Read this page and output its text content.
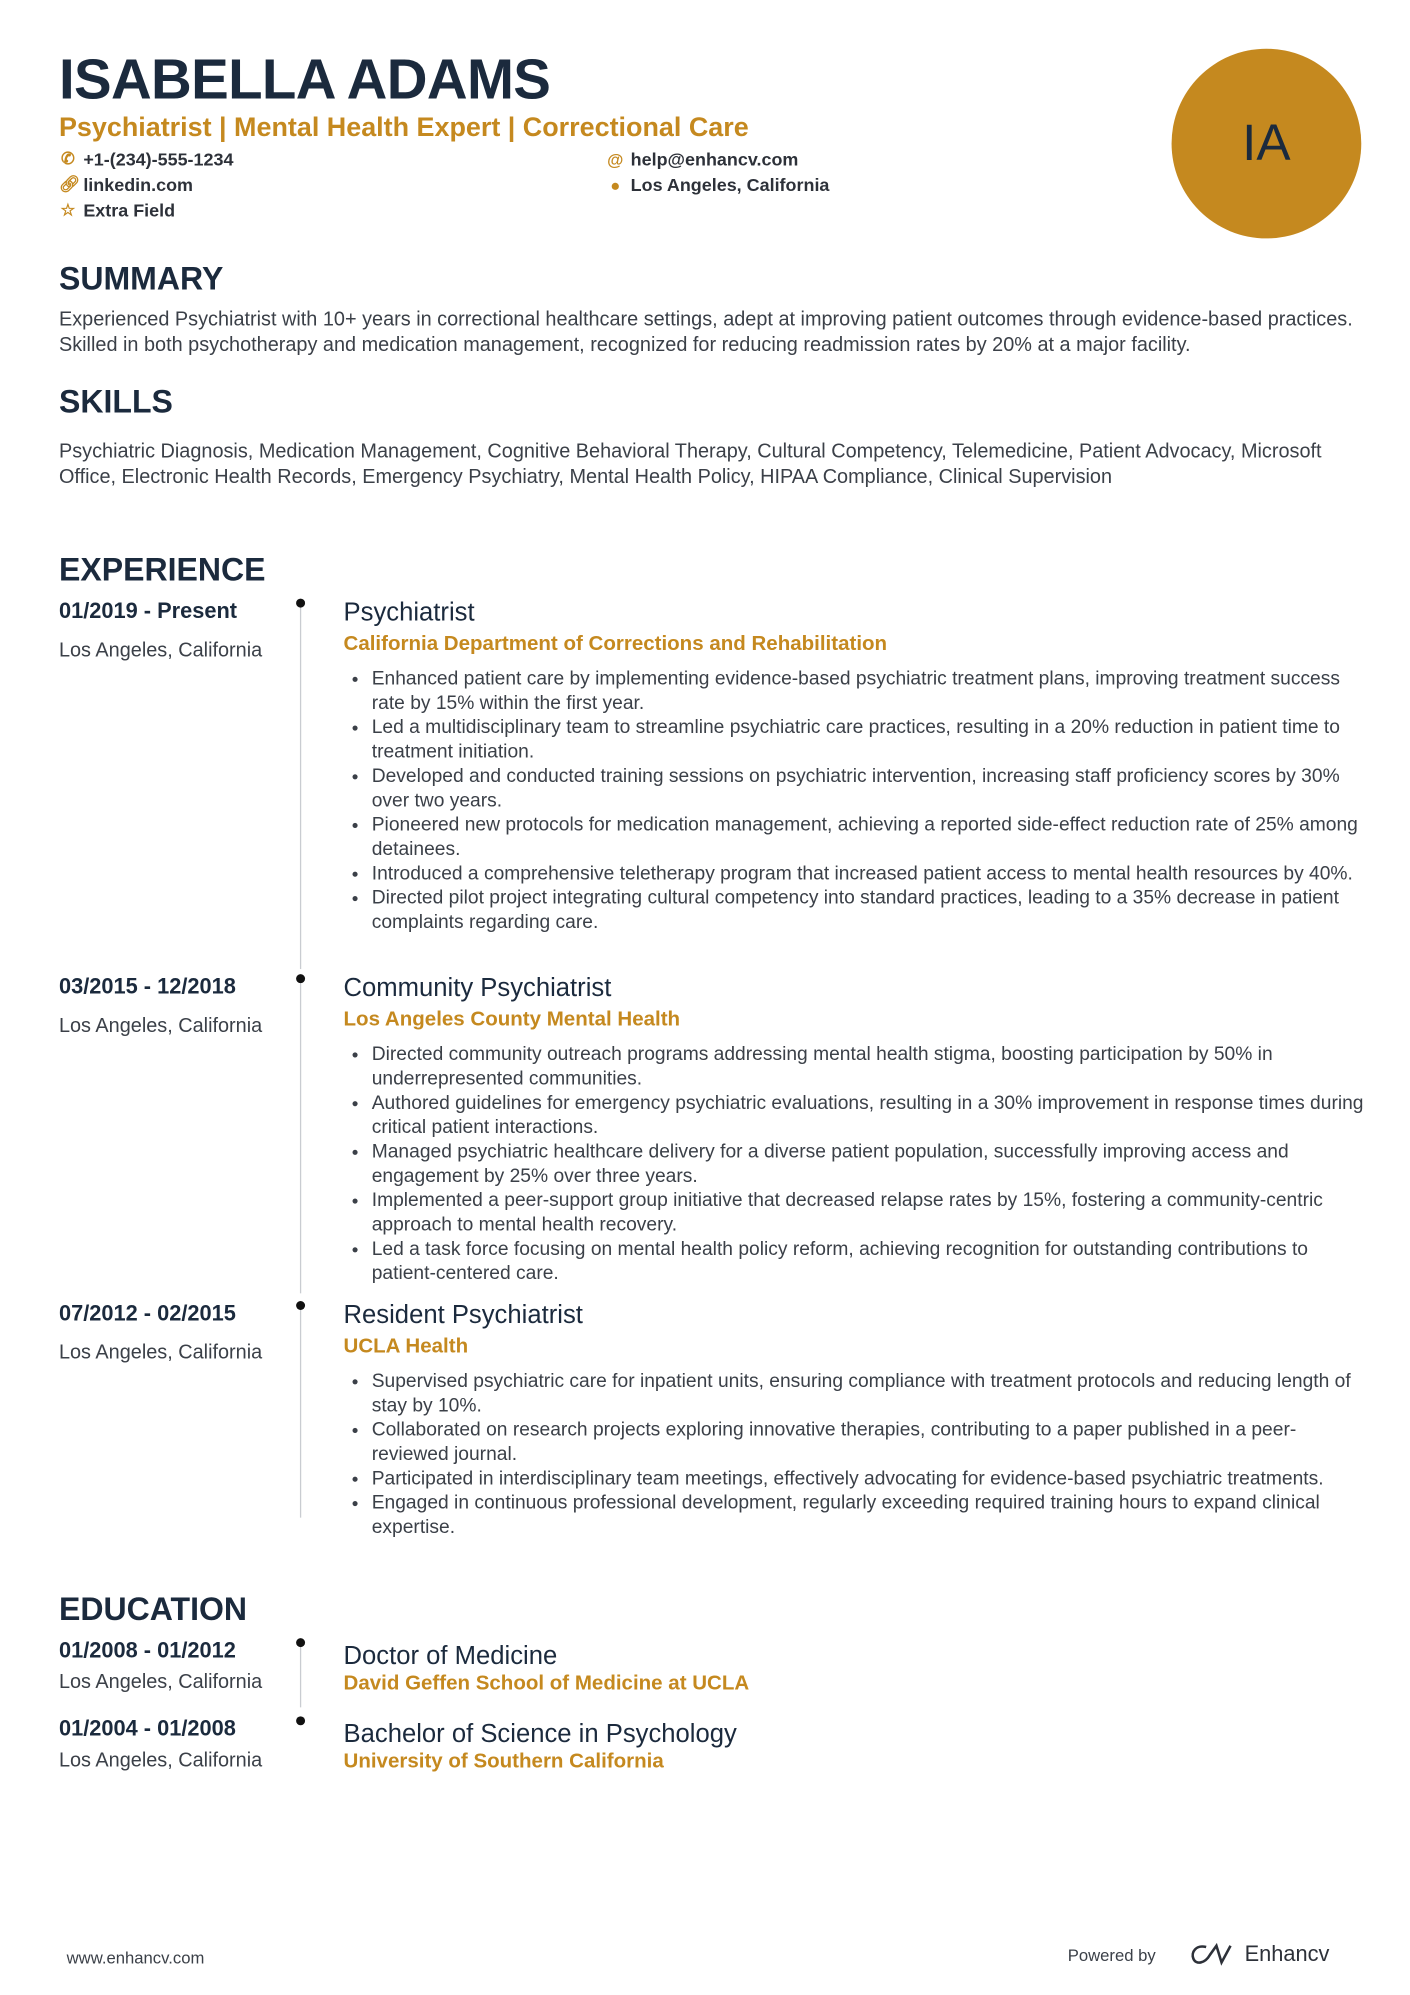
ISABELLA ADAMS
Psychiatrist | Mental Health Expert | Correctional Care
✆ +1-(234)-555-1234	@ help@enhancv.com
🔗︎ linkedin.com	● Los Angeles, California
☆ Extra Field
IA
SUMMARY
Experienced Psychiatrist with 10+ years in correctional healthcare settings, adept at improving patient outcomes through evidence-based practices. Skilled in both psychotherapy and medication management, recognized for reducing readmission rates by 20% at a major facility.
SKILLS
Psychiatric Diagnosis, Medication Management, Cognitive Behavioral Therapy, Cultural Competency, Telemedicine, Patient Advocacy, Microsoft Office, Electronic Health Records, Emergency Psychiatry, Mental Health Policy, HIPAA Compliance, Clinical Supervision
EXPERIENCE
01/2019 - Present
Los Angeles, California
Psychiatrist
California Department of Corrections and Rehabilitation
• Enhanced patient care by implementing evidence-based psychiatric treatment plans, improving treatment success rate by 15% within the first year.
• Led a multidisciplinary team to streamline psychiatric care practices, resulting in a 20% reduction in patient time to treatment initiation.
• Developed and conducted training sessions on psychiatric intervention, increasing staff proficiency scores by 30% over two years.
• Pioneered new protocols for medication management, achieving a reported side-effect reduction rate of 25% among detainees.
• Introduced a comprehensive teletherapy program that increased patient access to mental health resources by 40%.
• Directed pilot project integrating cultural competency into standard practices, leading to a 35% decrease in patient complaints regarding care.
03/2015 - 12/2018
Los Angeles, California
Community Psychiatrist
Los Angeles County Mental Health
• Directed community outreach programs addressing mental health stigma, boosting participation by 50% in underrepresented communities.
• Authored guidelines for emergency psychiatric evaluations, resulting in a 30% improvement in response times during critical patient interactions.
• Managed psychiatric healthcare delivery for a diverse patient population, successfully improving access and engagement by 25% over three years.
• Implemented a peer-support group initiative that decreased relapse rates by 15%, fostering a community-centric approach to mental health recovery.
• Led a task force focusing on mental health policy reform, achieving recognition for outstanding contributions to patient-centered care.
07/2012 - 02/2015
Los Angeles, California
Resident Psychiatrist
UCLA Health
• Supervised psychiatric care for inpatient units, ensuring compliance with treatment protocols and reducing length of stay by 10%.
• Collaborated on research projects exploring innovative therapies, contributing to a paper published in a peer-reviewed journal.
• Participated in interdisciplinary team meetings, effectively advocating for evidence-based psychiatric treatments.
• Engaged in continuous professional development, regularly exceeding required training hours to expand clinical expertise.
EDUCATION
01/2008 - 01/2012
Los Angeles, California
Doctor of Medicine
David Geffen School of Medicine at UCLA
01/2004 - 01/2008
Los Angeles, California
Bachelor of Science in Psychology
University of Southern California
www.enhancv.com	Powered by	Enhancv
